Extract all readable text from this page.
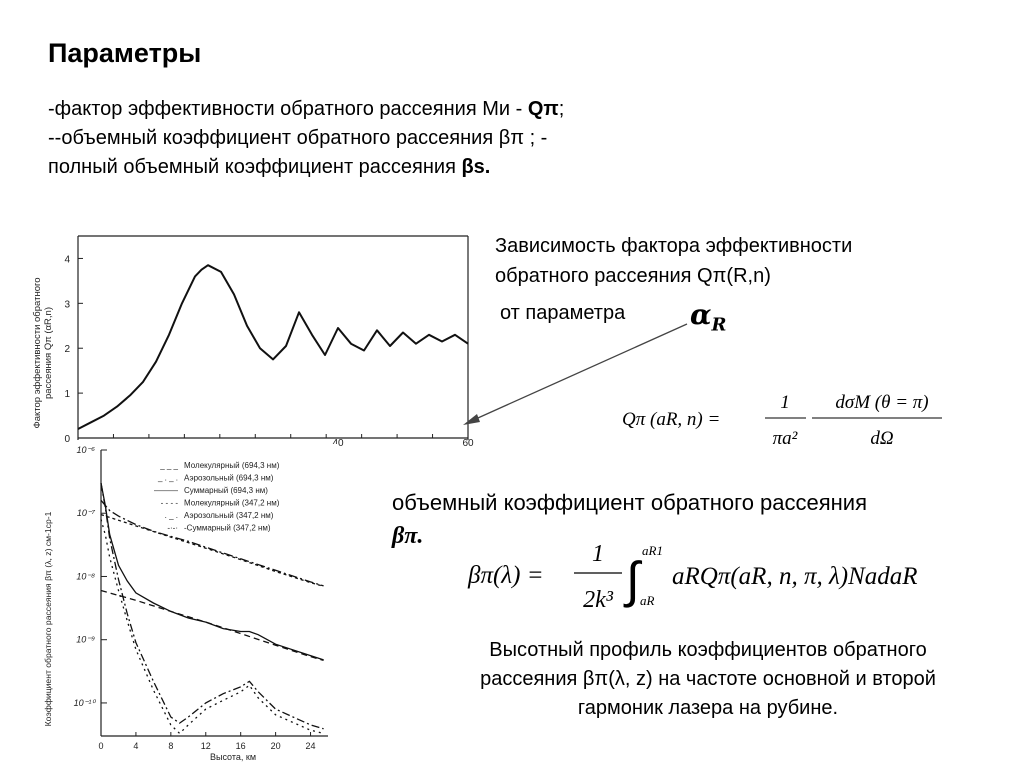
Параметры
-фактор эффективности обратного рассеяния Ми - Qπ;
--объемный коэффициент обратного рассеяния βπ ; -
полный объемный коэффициент рассеяния βs.
4
3
2
1
0	40	60
Фактор эффективности обратного рассеяния Qπ (αR,n)
Зависимость фактора эффективности
обратного рассеяния Qπ(R,n)
от параметра $\alpha_R$
Qπ (aR, n) =
1
πa²
dσM (θ = π)
dΩ
объемный коэффициент обратного рассеяния
βπ.
βπ(λ) =
1
2k³ ∫
aR1
aR
aRQπ(aR, n, π, λ)NadaR
10⁻⁶
10⁻⁷
10⁻⁸
10⁻⁹
10⁻¹⁰
0	4	8	12	16	20	24
Коэффициент обратного рассеяния βπ (λ, z) см-1ср-1
Высота, км
_ _ _ Молекулярный (694,3 нм)
_ . _ . Аэрозольный (694,3 нм)
——— Суммарный (694,3 нм)
- - - - Молекулярный (347,2 нм)
. _ . Аэрозольный (347,2 нм)
-·-· -Суммарный (347,2 нм)
Высотный профиль коэффициентов обратного
рассеяния βπ(λ, z) на частоте основной и второй
гармоник лазера на рубине.
